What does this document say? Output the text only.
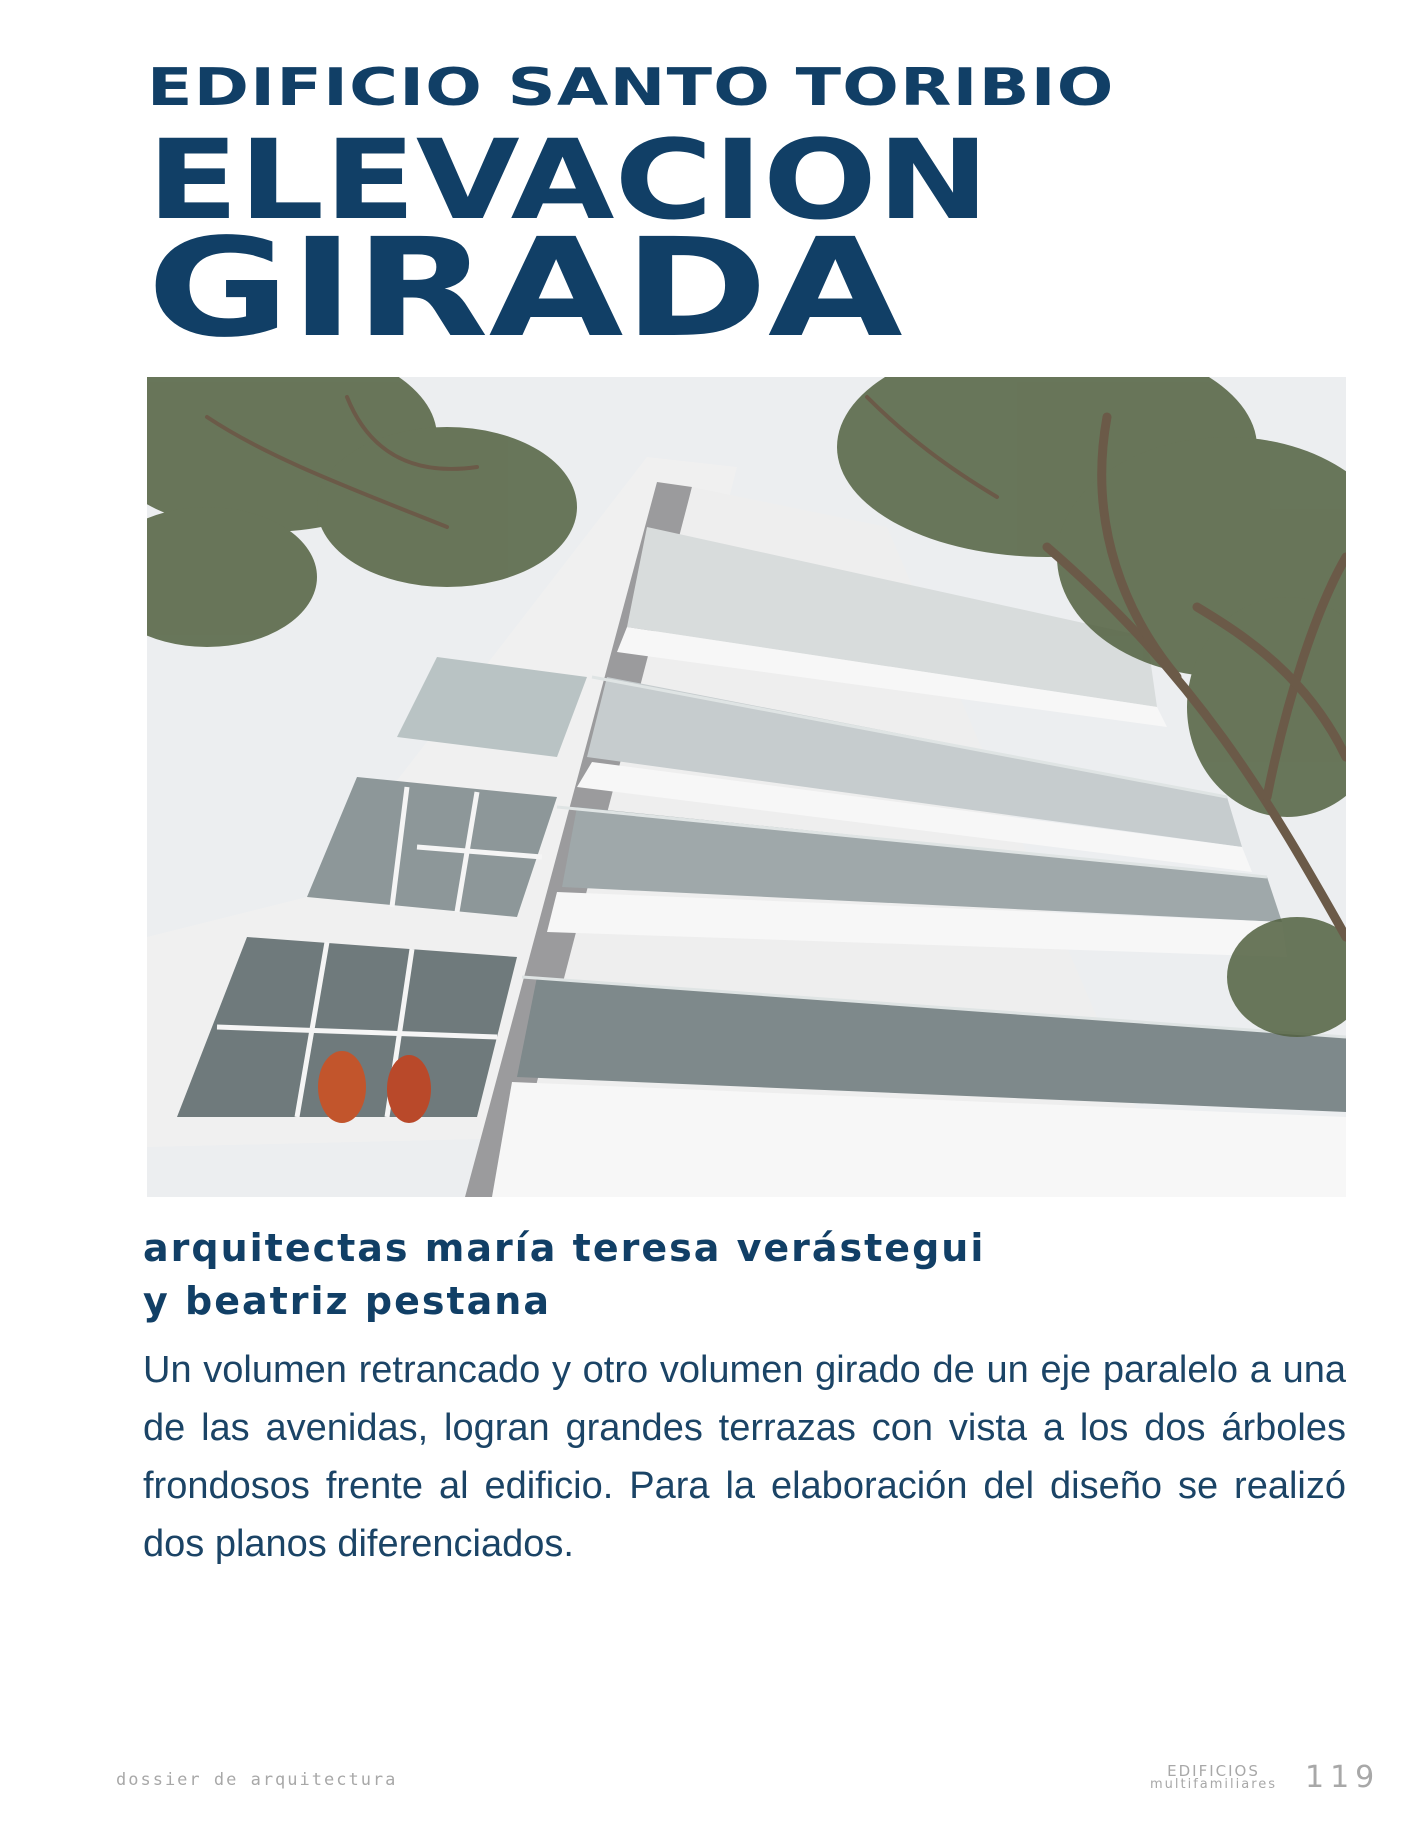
EDIFICIO SANTO TORIBIO
ELEVACION
GIRADA
arquitectas maría teresa verástegui
y beatriz pestana

Un volumen retrancado y otro volumen girado de un eje paralelo a una de las avenidas, logran grandes terrazas con vista a los dos árboles frondosos frente al edificio. Para la elaboración del diseño se realizó dos planos diferenciados.

dossier de arquitectura	EDIFICIOS
multifamiliares 119
